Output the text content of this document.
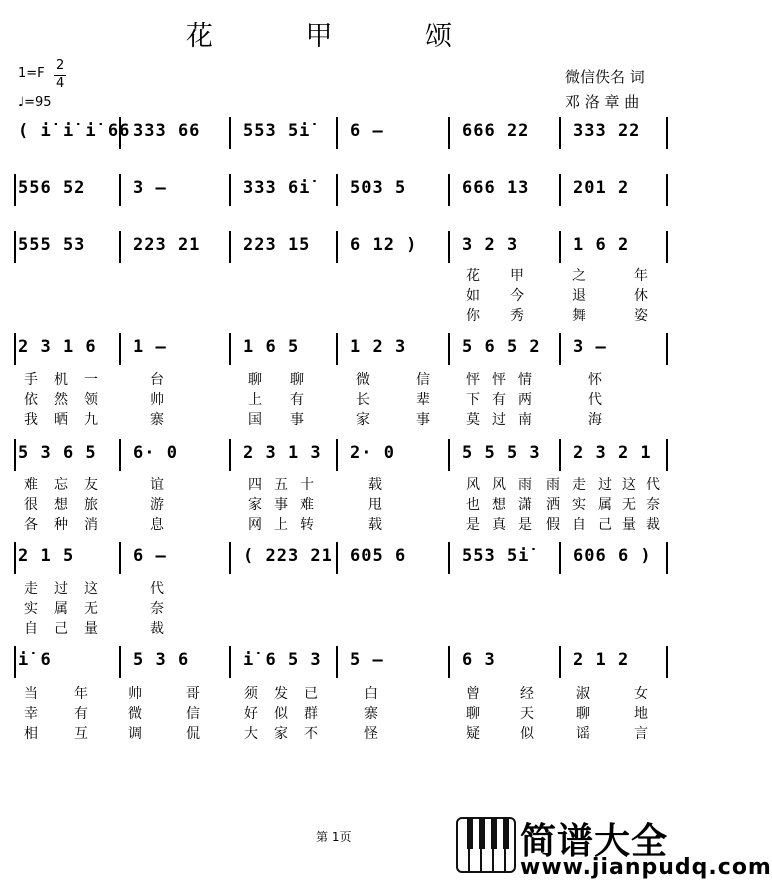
花 甲 颂
1=F
2
4
♩=95
微信佚名 词
邓 洛 章 曲
( i̇ i̇ i̇ 66 333 66	553 5i̇ 6 –	666 22	333 22
556 52	3 –	333 6i̇ 503 5	666 13	201 2
555 53	223 21	223 15 6 12 )	3 2 3	1 6 2
2 3 1 6 1 –	1 6 5	1 2 3	5 6 5 2 3 –
5 3 6 5 6· 0	2 3 1 3 2· 0	5 5 5 3 2 3 2 1
2 1 5	6 –	( 223 21 605 6	553 5i̇	606 6 )
i̇ 6	5 3 6	i̇ 6 5 3 5 –	6 3	2 1 2
花 甲	之	年
如 今	退	休
你 秀	舞	姿
手 机 一	台	聊 聊	微	信	怦 怦 情	怀
依 然 领	帅	上 有	长	辈	下 有 两	代
我 晒 九	寨	国 事	家	事	莫 过 南	海
难 忘 友	谊	四 五 十	载	风 风 雨 雨 走 过 这 代
很 想 旅	游	家 事 难	甩	也 想 潇 洒 实 属 无 奈
各 种 消	息	网 上 转	载	是 真 是 假 自 己 量 裁
走 过 这	代
实 属 无	奈
自 己 量	裁
当	年	帅	哥	须 发 已	白	曾	经	淑	女
幸	有	微	信	好 似 群	寨	聊	天	聊	地
相	互	调	侃	大 家 不	怪	疑	似	谣	言
第 1页	简谱大全
www.jianpudq.com
